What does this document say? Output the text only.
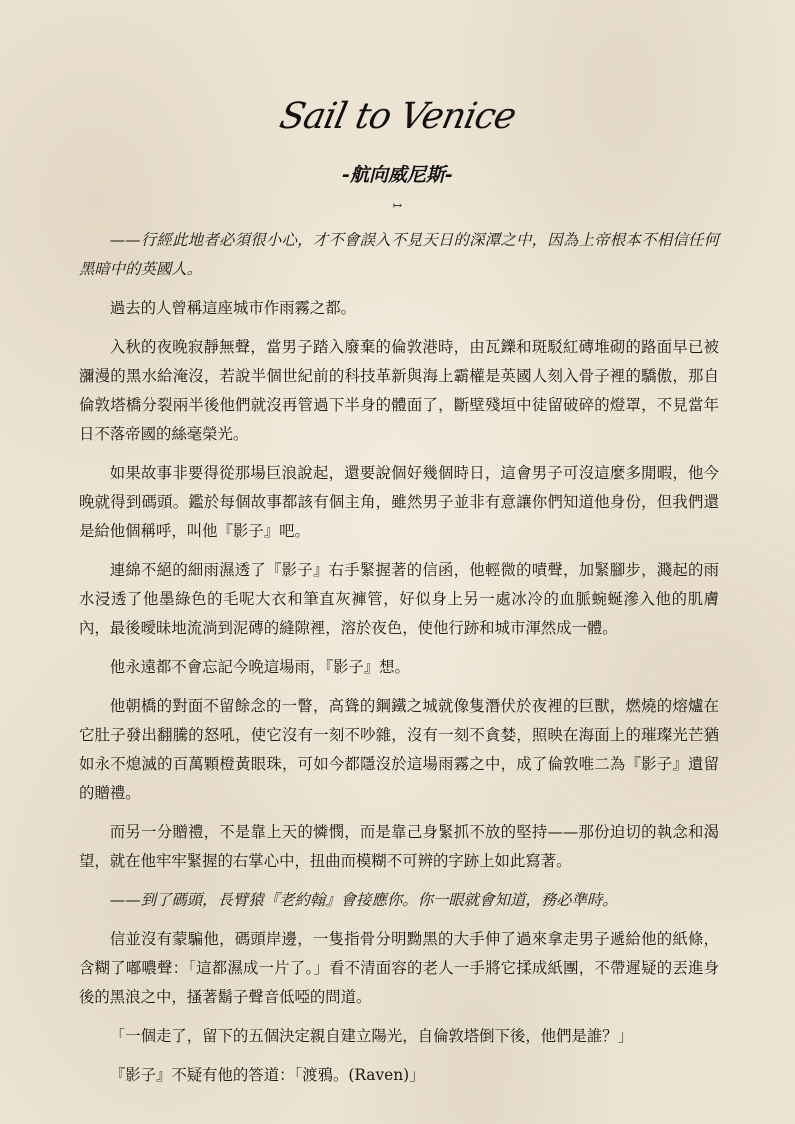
Sail to Venice
-航向威尼斯-
↦

——行經此地者必須很小心，才不會誤入不見天日的深潭之中，因為上帝根本不相信任何黑暗中的英國人。

過去的人曾稱這座城市作雨霧之都。

入秋的夜晚寂靜無聲，當男子踏入廢棄的倫敦港時，由瓦鑠和斑駁紅磚堆砌的路面早已被瀰漫的黑水給淹沒，若說半個世紀前的科技革新與海上霸權是英國人刻入骨子裡的驕傲，那自倫敦塔橋分裂兩半後他們就沒再管過下半身的體面了，斷壁殘垣中徒留破碎的燈罩，不見當年日不落帝國的絲毫榮光。

如果故事非要得從那場巨浪說起，還要說個好幾個時日，這會男子可沒這麼多閒暇，他今晚就得到碼頭。鑑於每個故事都該有個主角，雖然男子並非有意讓你們知道他身份，但我們還是給他個稱呼，叫他『影子』吧。

連綿不絕的細雨濕透了『影子』右手緊握著的信函，他輕微的嘖聲，加緊腳步，濺起的雨水浸透了他墨綠色的毛呢大衣和筆直灰褲管，好似身上另一處冰冷的血脈蜿蜒滲入他的肌膚內，最後曖昧地流淌到泥磚的縫隙裡，溶於夜色，使他行跡和城市渾然成一體。

他永遠都不會忘記今晚這場雨，『影子』想。

他朝橋的對面不留餘念的一瞥，高聳的鋼鐵之城就像隻潛伏於夜裡的巨獸，燃燒的熔爐在它肚子發出翻騰的怒吼，使它沒有一刻不吵雜，沒有一刻不貪婪，照映在海面上的璀璨光芒猶如永不熄滅的百萬顆橙黃眼珠，可如今都隱沒於這場雨霧之中，成了倫敦唯二為『影子』遺留的贈禮。

而另一分贈禮，不是靠上天的憐憫，而是靠己身緊抓不放的堅持——那份迫切的執念和渴望，就在他牢牢緊握的右掌心中，扭曲而模糊不可辨的字跡上如此寫著。

——到了碼頭，長臂猿『老約翰』會接應你。你一眼就會知道，務必準時。

信並沒有蒙騙他，碼頭岸邊，一隻指骨分明黝黑的大手伸了過來拿走男子遞給他的紙條，含糊了嘟噥聲：「這都濕成一片了。」看不清面容的老人一手將它揉成紙團，不帶遲疑的丟進身後的黑浪之中，搔著鬍子聲音低啞的問道。

「一個走了，留下的五個決定親自建立陽光，自倫敦塔倒下後，他們是誰？」

『影子』不疑有他的答道：「渡鴉。(Raven)」
